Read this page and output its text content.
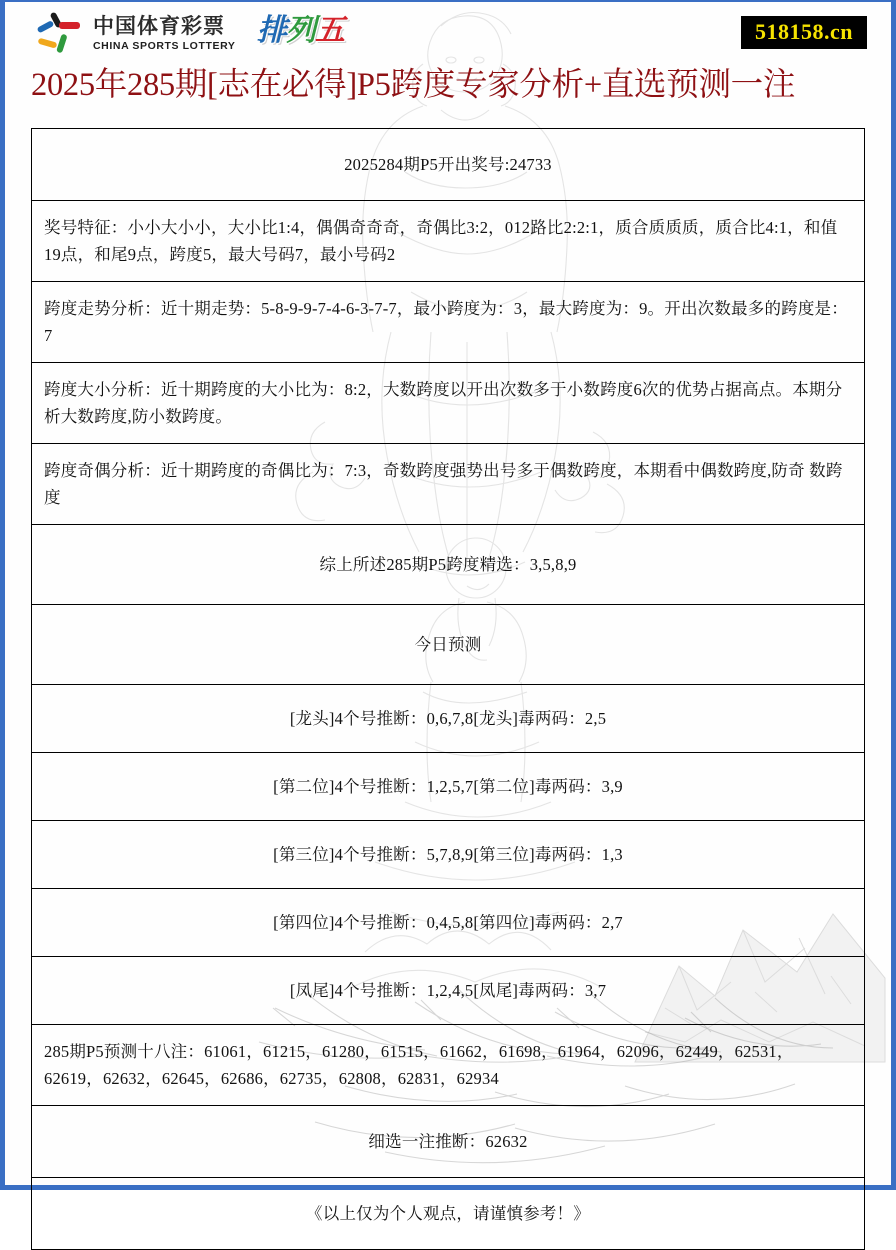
中国体育彩票
CHINA SPORTS LOTTERY 排列五	518158.cn
2025年285期[志在必得]P5跨度专家分析+直选预测一注
2025284期P5开出奖号:24733
奖号特征：小小大小小，大小比1:4，偶偶奇奇奇，奇偶比3:2，012路比2:2:1，质合质质质，质合比4:1，和值19点，和尾9点，跨度5，最大号码7，最小号码2
跨度走势分析：近十期走势：5-8-9-9-7-4-6-3-7-7，最小跨度为：3，最大跨度为：9。开出次数最多的跨度是：7
跨度大小分析：近十期跨度的大小比为：8:2，大数跨度以开出次数多于小数跨度6次的优势占据高点。本期分析大数跨度,防小数跨度。
跨度奇偶分析：近十期跨度的奇偶比为：7:3，奇数跨度强势出号多于偶数跨度，本期看中偶数跨度,防奇 数跨度
综上所述285期P5跨度精选：3,5,8,9
今日预测
[龙头]4个号推断：0,6,7,8[龙头]毒两码：2,5
[第二位]4个号推断：1,2,5,7[第二位]毒两码：3,9
[第三位]4个号推断：5,7,8,9[第三位]毒两码：1,3
[第四位]4个号推断：0,4,5,8[第四位]毒两码：2,7
[凤尾]4个号推断：1,2,4,5[凤尾]毒两码：3,7
285期P5预测十八注：61061，61215，61280，61515，61662，61698，61964，62096，62449，62531，62619，62632，62645，62686，62735，62808，62831，62934
细选一注推断：62632
《以上仅为个人观点，请谨慎参考！》
